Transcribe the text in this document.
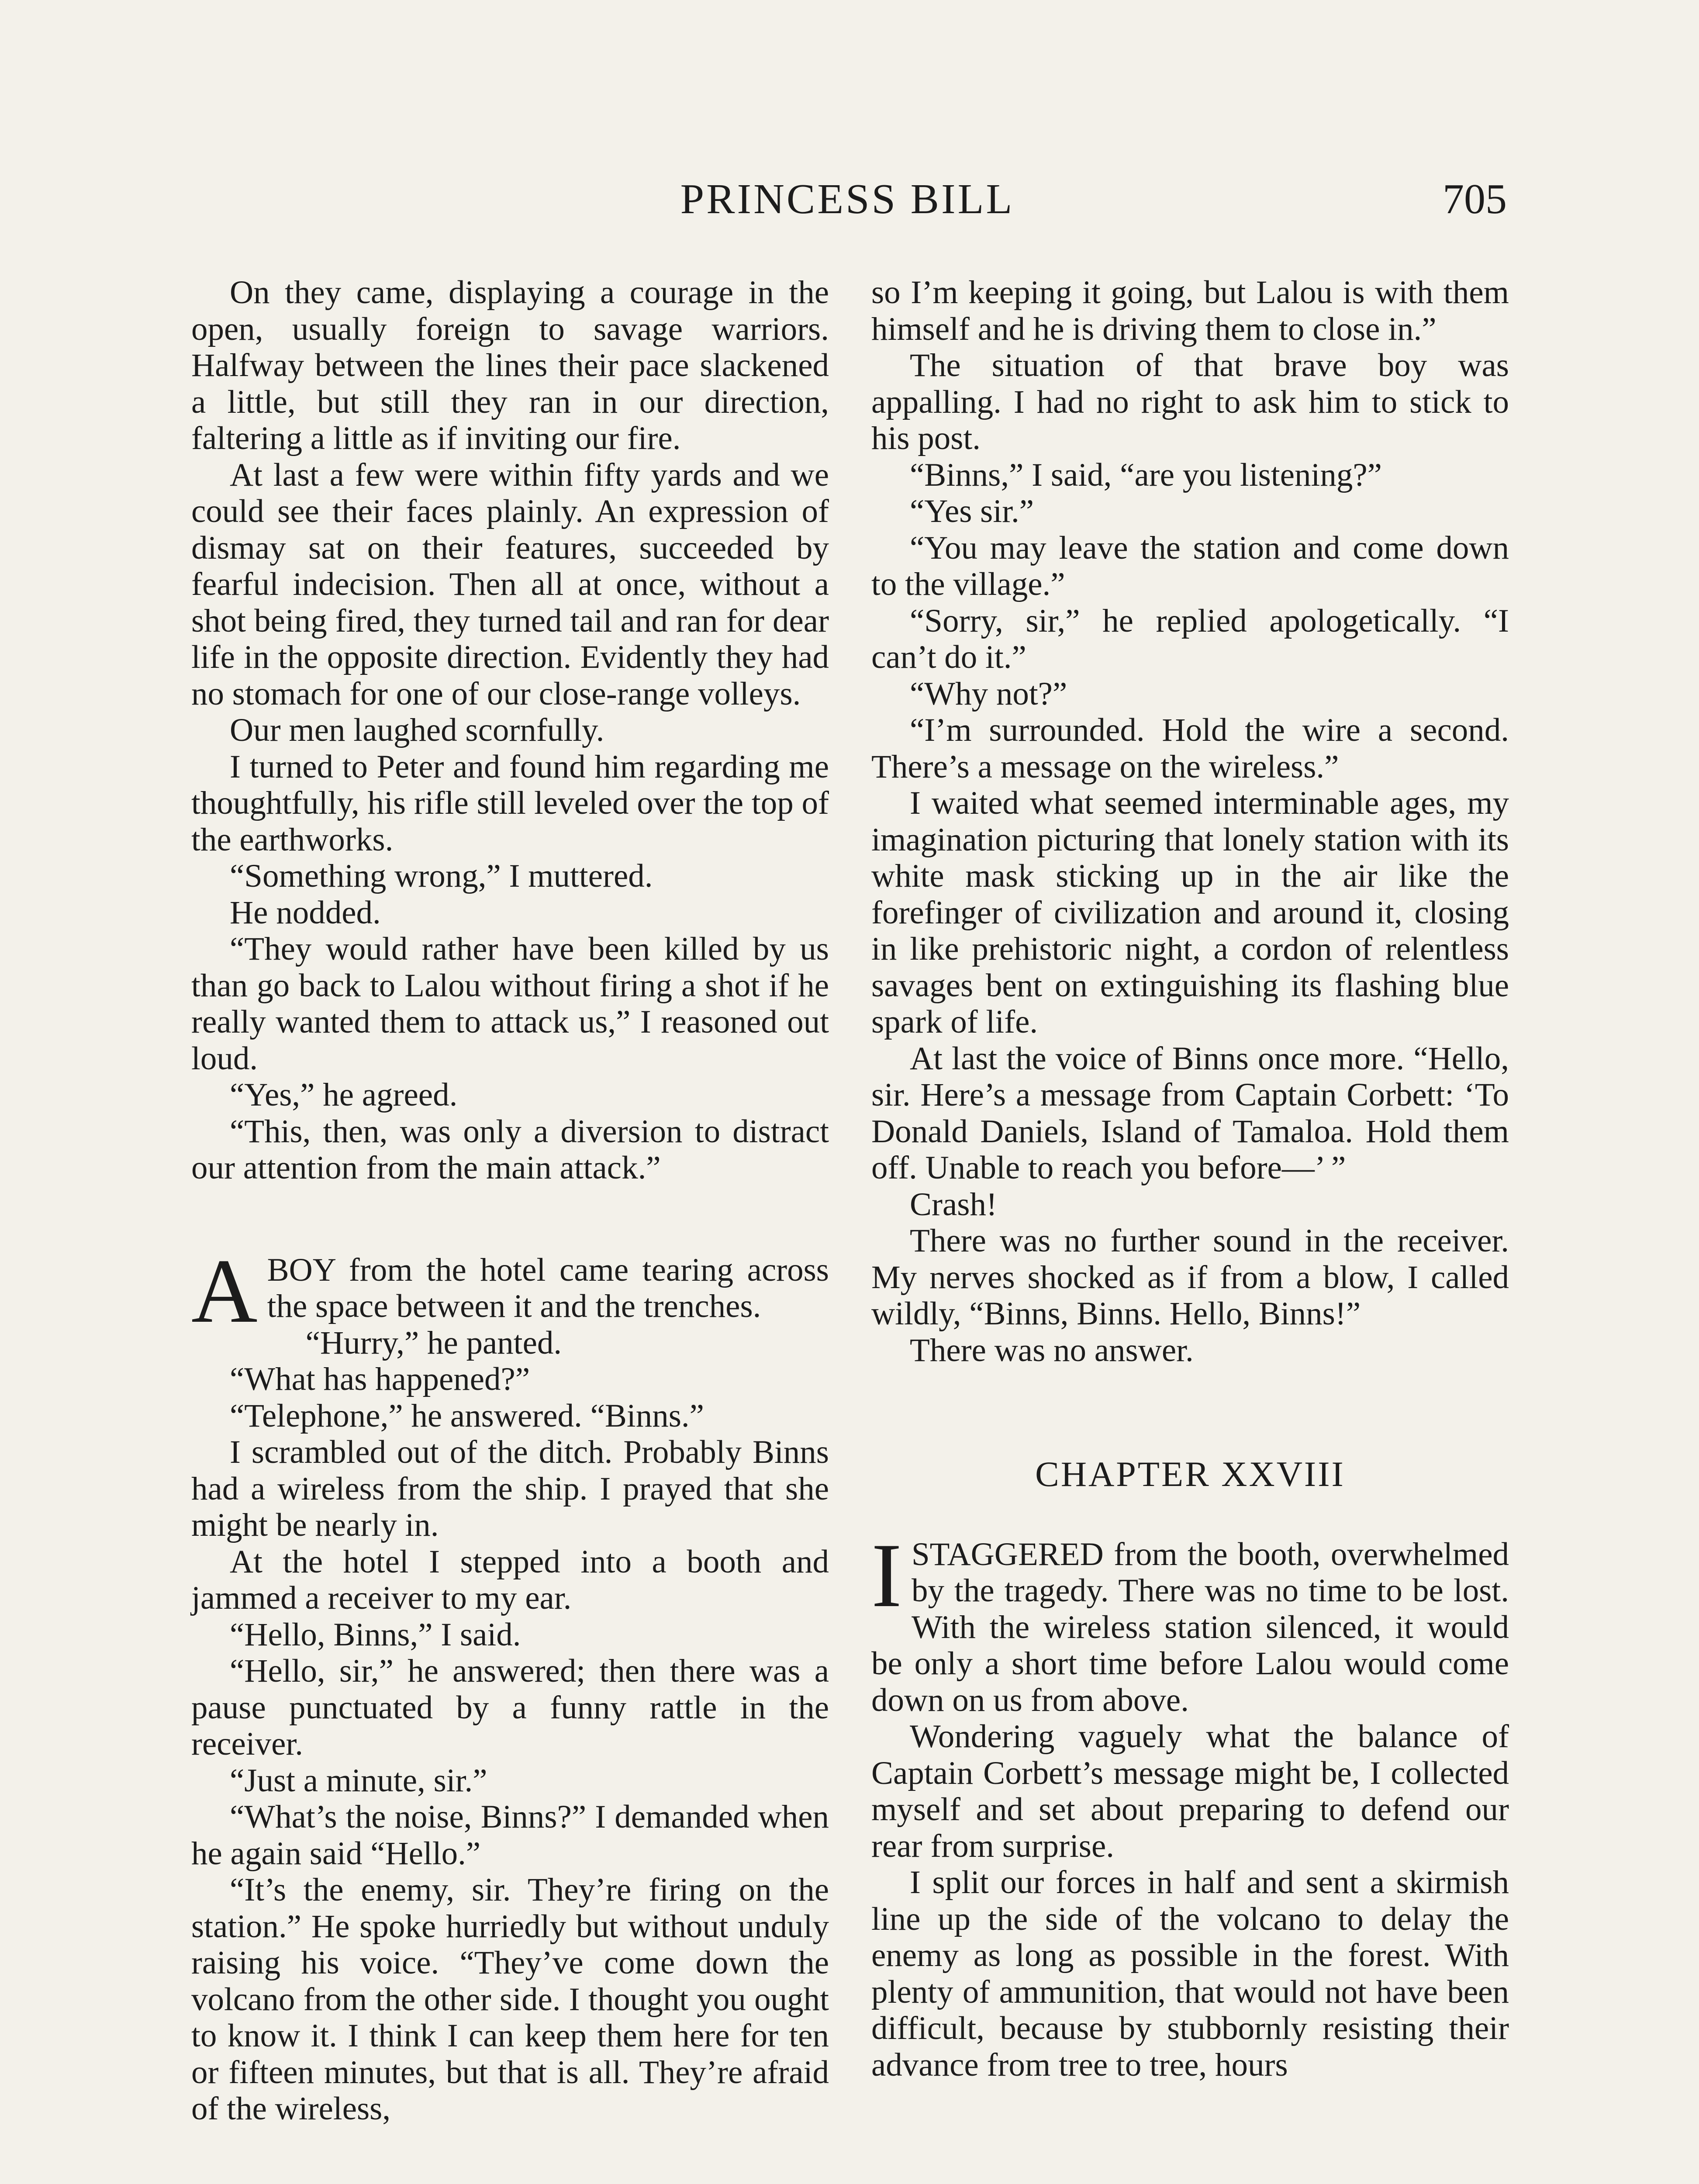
PRINCESS BILL	705

On they came, displaying a courage in the open, usually foreign to savage warriors. Halfway between the lines their pace slackened a little, but still they ran in our direction, faltering a little as if inviting our fire.

At last a few were within fifty yards and we could see their faces plainly. An expression of dismay sat on their features, succeeded by fearful indecision. Then all at once, without a shot being fired, they turned tail and ran for dear life in the opposite direction. Evidently they had no stomach for one of our close-range volleys.

Our men laughed scornfully.

I turned to Peter and found him regarding me thoughtfully, his rifle still leveled over the top of the earthworks.

“Something wrong,” I muttered.

He nodded.

“They would rather have been killed by us than go back to Lalou without firing a shot if he really wanted them to attack us,” I reasoned out loud.

“Yes,” he agreed.

“This, then, was only a diversion to distract our attention from the main attack.”

ABOY from the hotel came tearing across the space between it and the trenches.

“Hurry,” he panted.

“What has happened?”

“Telephone,” he answered. “Binns.”

I scrambled out of the ditch. Probably Binns had a wireless from the ship. I prayed that she might be nearly in.

At the hotel I stepped into a booth and jammed a receiver to my ear.

“Hello, Binns,” I said.

“Hello, sir,” he answered; then there was a pause punctuated by a funny rattle in the receiver.

“Just a minute, sir.”

“What’s the noise, Binns?” I demanded when he again said “Hello.”

“It’s the enemy, sir. They’re firing on the station.” He spoke hurriedly but without unduly raising his voice. “They’ve come down the volcano from the other side. I thought you ought to know it. I think I can keep them here for ten or fifteen minutes, but that is all. They’re afraid of the wireless,

so I’m keeping it going, but Lalou is with them himself and he is driving them to close in.”

The situation of that brave boy was appalling. I had no right to ask him to stick to his post.

“Binns,” I said, “are you listening?”

“Yes sir.”

“You may leave the station and come down to the village.”

“Sorry, sir,” he replied apologetically. “I can’t do it.”

“Why not?”

“I’m surrounded. Hold the wire a second. There’s a message on the wireless.”

I waited what seemed interminable ages, my imagination picturing that lonely station with its white mask sticking up in the air like the forefinger of civilization and around it, closing in like prehistoric night, a cordon of relentless savages bent on extinguishing its flashing blue spark of life.

At last the voice of Binns once more. “Hello, sir. Here’s a message from Captain Corbett: ‘To Donald Daniels, Island of Tamaloa. Hold them off. Unable to reach you before—’ ”

Crash!

There was no further sound in the receiver. My nerves shocked as if from a blow, I called wildly, “Binns, Binns. Hello, Binns!”

There was no answer.

CHAPTER XXVIII

ISTAGGERED from the booth, overwhelmed by the tragedy. There was no time to be lost. With the wireless station silenced, it would be only a short time before Lalou would come down on us from above.

Wondering vaguely what the balance of Captain Corbett’s message might be, I collected myself and set about preparing to defend our rear from surprise.

I split our forces in half and sent a skirmish line up the side of the volcano to delay the enemy as long as possible in the forest. With plenty of ammunition, that would not have been difficult, because by stubbornly resisting their advance from tree to tree, hours
